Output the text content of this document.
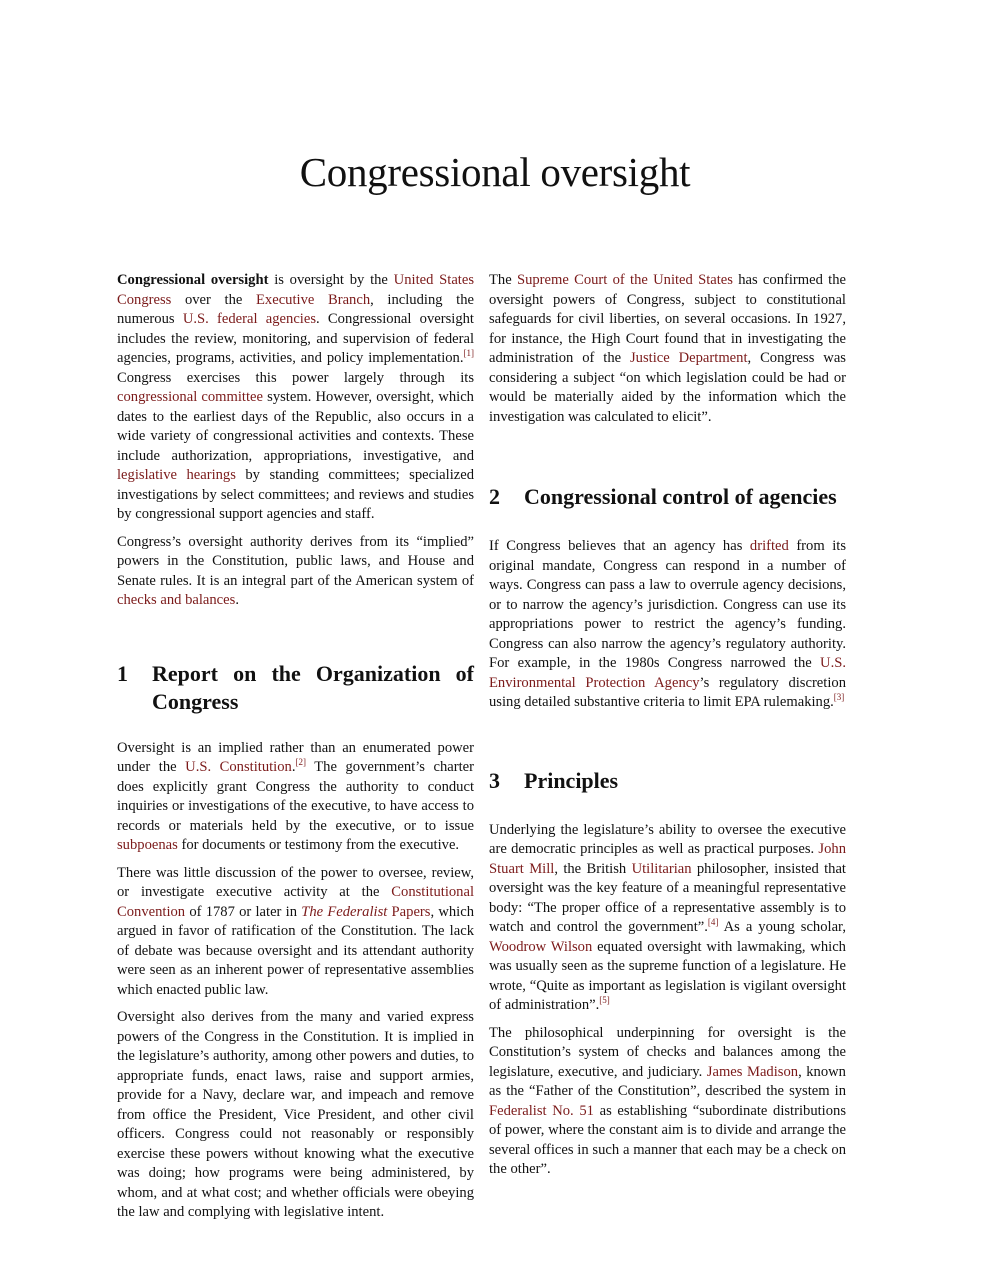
Congressional oversight

Congressional oversight is oversight by the United States Congress over the Executive Branch, including the numerous U.S. federal agencies. Congressional oversight includes the review, monitoring, and supervision of federal agencies, programs, activities, and policy implementation.[1] Congress exercises this power largely through its congressional committee system. However, oversight, which dates to the earliest days of the Republic, also occurs in a wide variety of congressional activities and contexts. These include authorization, appropriations, investigative, and legislative hearings by standing committees; specialized investigations by select committees; and reviews and studies by congressional support agencies and staff.

Congress’s oversight authority derives from its “implied” powers in the Constitution, public laws, and House and Senate rules. It is an integral part of the American system of checks and balances.

1	Report on the Organization of Congress

Oversight is an implied rather than an enumerated power under the U.S. Constitution.[2] The government’s charter does explicitly grant Congress the authority to conduct inquiries or investigations of the executive, to have access to records or materials held by the executive, or to issue subpoenas for documents or testimony from the executive.

There was little discussion of the power to oversee, review, or investigate executive activity at the Constitutional Convention of 1787 or later in The Federalist Papers, which argued in favor of ratification of the Constitution. The lack of debate was because oversight and its attendant authority were seen as an inherent power of representative assemblies which enacted public law.

Oversight also derives from the many and varied express powers of the Congress in the Constitution. It is implied in the legislature’s authority, among other powers and duties, to appropriate funds, enact laws, raise and support armies, provide for a Navy, declare war, and impeach and remove from office the President, Vice President, and other civil officers. Congress could not reasonably or responsibly exercise these powers without knowing what the executive was doing; how programs were being administered, by whom, and at what cost; and whether officials were obeying the law and complying with legislative intent.

The Supreme Court of the United States has confirmed the oversight powers of Congress, subject to constitutional safeguards for civil liberties, on several occasions. In 1927, for instance, the High Court found that in investigating the administration of the Justice Department, Congress was considering a subject “on which legislation could be had or would be materially aided by the information which the investigation was calculated to elicit”.

2	Congressional control of agencies

If Congress believes that an agency has drifted from its original mandate, Congress can respond in a number of ways. Congress can pass a law to overrule agency decisions, or to narrow the agency’s jurisdiction. Congress can use its appropriations power to restrict the agency’s funding. Congress can also narrow the agency’s regulatory authority. For example, in the 1980s Congress narrowed the U.S. Environmental Protection Agency’s regulatory discretion using detailed substantive criteria to limit EPA rulemaking.[3]

3	Principles

Underlying the legislature’s ability to oversee the executive are democratic principles as well as practical purposes. John Stuart Mill, the British Utilitarian philosopher, insisted that oversight was the key feature of a meaningful representative body: “The proper office of a representative assembly is to watch and control the government”.[4] As a young scholar, Woodrow Wilson equated oversight with lawmaking, which was usually seen as the supreme function of a legislature. He wrote, “Quite as important as legislation is vigilant oversight of administration”.[5]

The philosophical underpinning for oversight is the Constitution’s system of checks and balances among the legislature, executive, and judiciary. James Madison, known as the “Father of the Constitution”, described the system in Federalist No. 51 as establishing “subordinate distributions of power, where the constant aim is to divide and arrange the several offices in such a manner that each may be a check on the other”.
